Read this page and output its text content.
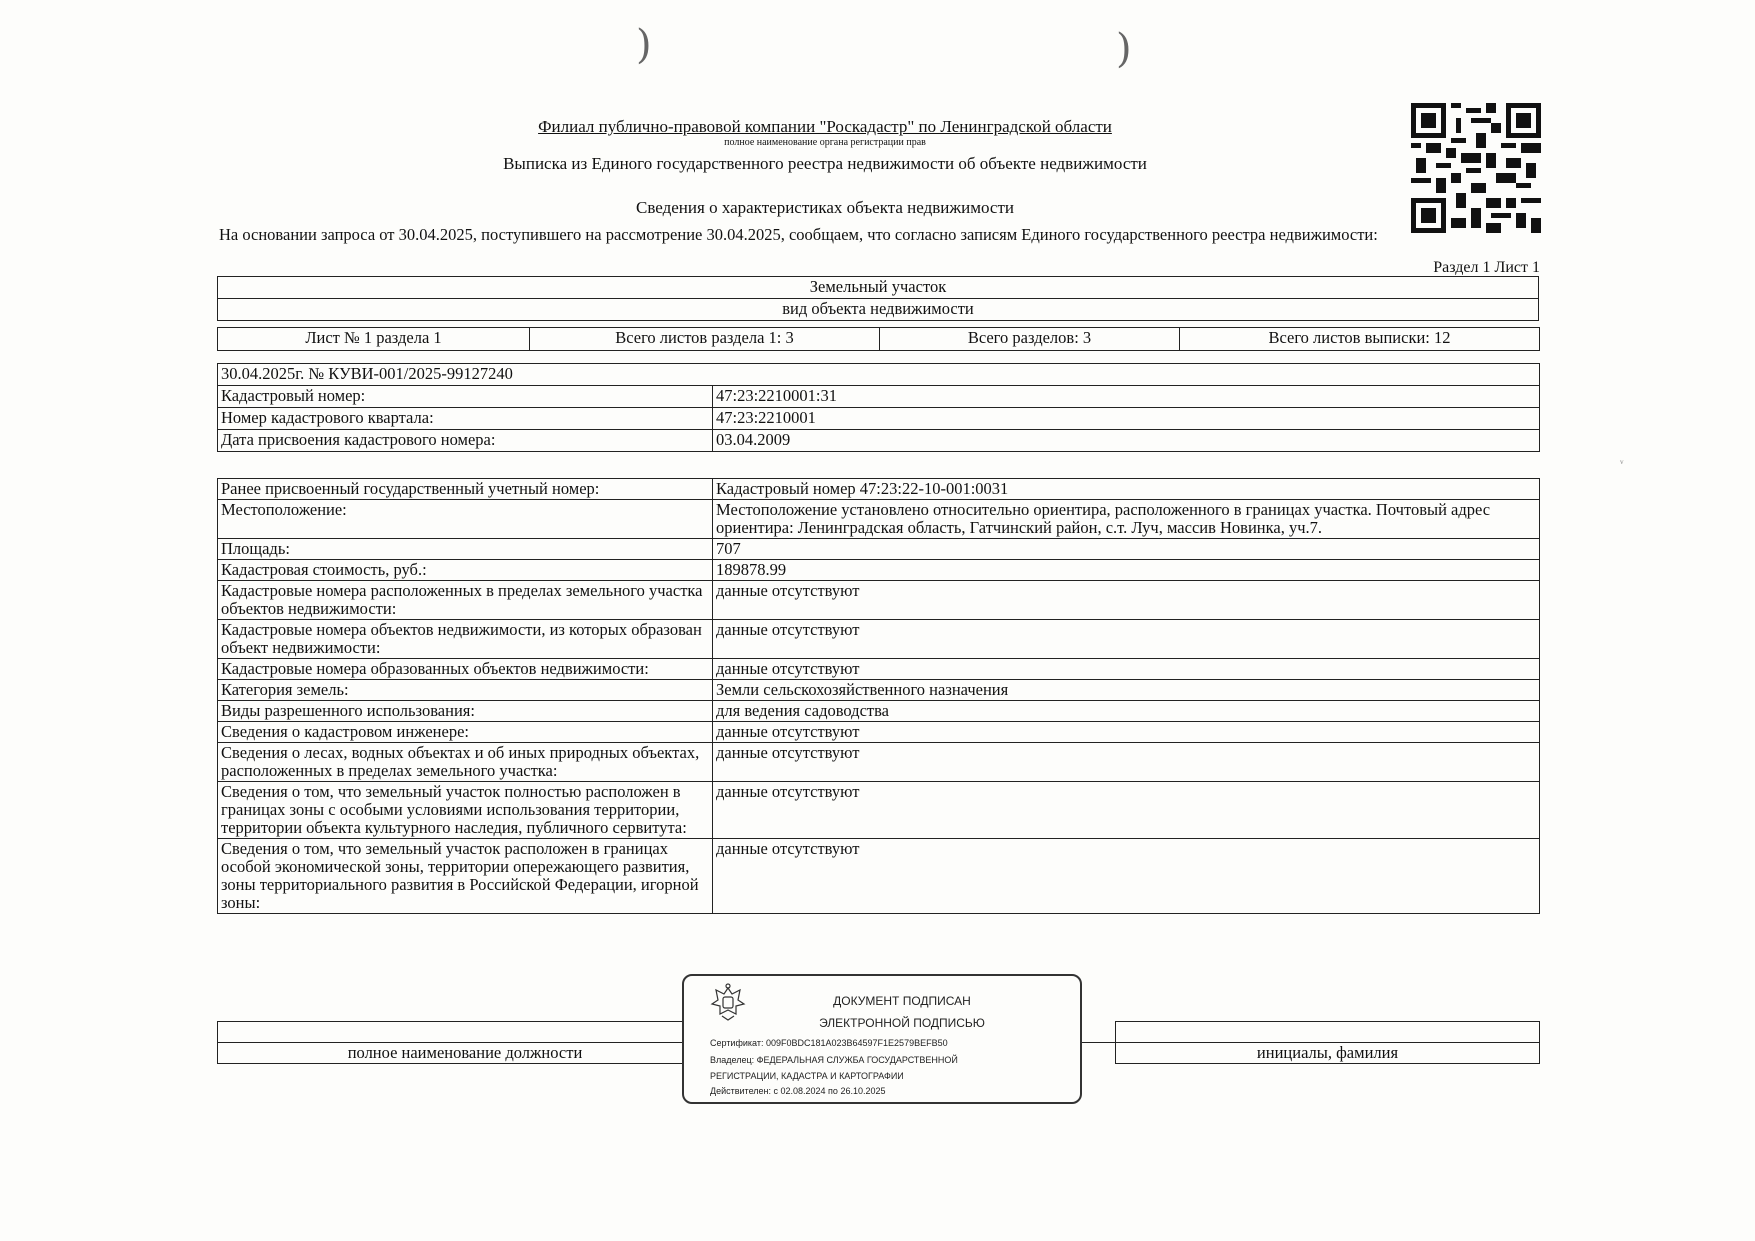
)	)
ᵥ
Филиал публично-правовой компании "Роскадастр" по Ленинградской области
полное наименование органа регистрации прав
Выписка из Единого государственного реестра недвижимости об объекте недвижимости
Сведения о характеристиках объекта недвижимости
На основании запроса от 30.04.2025, поступившего на рассмотрение 30.04.2025, сообщаем, что согласно записям Единого государственного реестра недвижимости:
Раздел 1 Лист 1
Земельный участок
вид объекта недвижимости
Лист № 1 раздела 1	Всего листов раздела 1: 3	Всего разделов: 3	Всего листов выписки: 12
30.04.2025г. № КУВИ-001/2025-99127240	
Кадастровый номер:	47:23:2210001:31
Номер кадастрового квартала:	47:23:2210001
Дата присвоения кадастрового номера:	03.04.2009
Ранее присвоенный государственный учетный номер:	Кадастровый номер 47:23:22-10-001:0031
Местоположение:	Местоположение установлено относительно ориентира, расположенного в границах участка. Почтовый адрес ориентира: Ленинградская область, Гатчинский район, с.т. Луч, массив Новинка, уч.7.
Площадь:	707
Кадастровая стоимость, руб.:	189878.99
Кадастровые номера расположенных в пределах земельного участка объектов недвижимости:	данные отсутствуют
Кадастровые номера объектов недвижимости, из которых образован объект недвижимости:	данные отсутствуют
Кадастровые номера образованных объектов недвижимости:	данные отсутствуют
Категория земель:	Земли сельскохозяйственного назначения
Виды разрешенного использования:	для ведения садоводства
Сведения о кадастровом инженере:	данные отсутствуют
Сведения о лесах, водных объектах и об иных природных объектах, расположенных в пределах земельного участка:	данные отсутствуют
Сведения о том, что земельный участок полностью расположен в границах зоны с особыми условиями использования территории, территории объекта культурного наследия, публичного сервитута:	данные отсутствуют
Сведения о том, что земельный участок расположен в границах особой экономической зоны, территории опережающего развития, зоны территориального развития в Российской Федерации, игорной зоны:	данные отсутствуют

полное наименование должности		инициалы, фамилия
ДОКУМЕНТ ПОДПИСАН
ЭЛЕКТРОННОЙ ПОДПИСЬЮ
Сертификат: 009F0BDC181A023B64597F1E2579BEFB50
Владелец: ФЕДЕРАЛЬНАЯ СЛУЖБА ГОСУДАРСТВЕННОЙ
РЕГИСТРАЦИИ, КАДАСТРА И КАРТОГРАФИИ
Действителен: с 02.08.2024 по 26.10.2025
